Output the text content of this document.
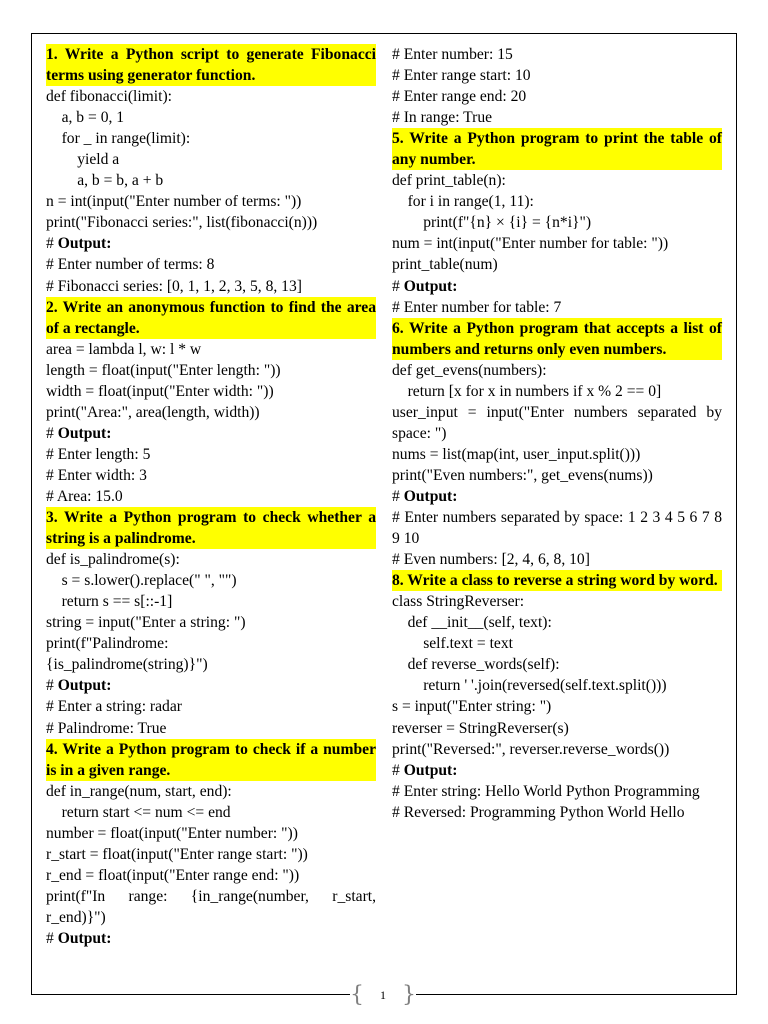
1. Write a Python script to generate Fibonacci terms using generator function.
def fibonacci(limit):
a, b = 0, 1
for _ in range(limit):
yield a
a, b = b, a + b
n = int(input("Enter number of terms: "))
print("Fibonacci series:", list(fibonacci(n)))
# Output:
# Enter number of terms: 8
# Fibonacci series: [0, 1, 1, 2, 3, 5, 8, 13]
2. Write an anonymous function to find the area of a rectangle.
area = lambda l, w: l * w
length = float(input("Enter length: "))
width = float(input("Enter width: "))
print("Area:", area(length, width))
# Output:
# Enter length: 5
# Enter width: 3
# Area: 15.0
3. Write a Python program to check whether a string is a palindrome.
def is_palindrome(s):
s = s.lower().replace(" ", "")
return s == s[::-1]
string = input("Enter a string: ")
print(f"Palindrome:
{is_palindrome(string)}")
# Output:
# Enter a string: radar
# Palindrome: True
4. Write a Python program to check if a number is in a given range.
def in_range(num, start, end):
return start <= num <= end
number = float(input("Enter number: "))
r_start = float(input("Enter range start: "))
r_end = float(input("Enter range end: "))
print(f"In range: {in_range(number, r_start, r_end)}")
# Output:
# Enter number: 15
# Enter range start: 10
# Enter range end: 20
# In range: True
5. Write a Python program to print the table of any number.
def print_table(n):
for i in range(1, 11):
print(f"{n} × {i} = {n*i}")
num = int(input("Enter number for table: "))
print_table(num)
# Output:
# Enter number for table: 7
6. Write a Python program that accepts a list of numbers and returns only even numbers.
def get_evens(numbers):
return [x for x in numbers if x % 2 == 0]
user_input = input("Enter numbers separated by space: ")
nums = list(map(int, user_input.split()))
print("Even numbers:", get_evens(nums))
# Output:
# Enter numbers separated by space: 1 2 3 4 5 6 7 8 9 10
# Even numbers: [2, 4, 6, 8, 10]
8. Write a class to reverse a string word by word.
class StringReverser:
def __init__(self, text):
self.text = text
def reverse_words(self):
return ' '.join(reversed(self.text.split()))
s = input("Enter string: ")
reverser = StringReverser(s)
print("Reversed:", reverser.reverse_words())
# Output:
# Enter string: Hello World Python Programming
# Reversed: Programming Python World Hello
{ 1 }
